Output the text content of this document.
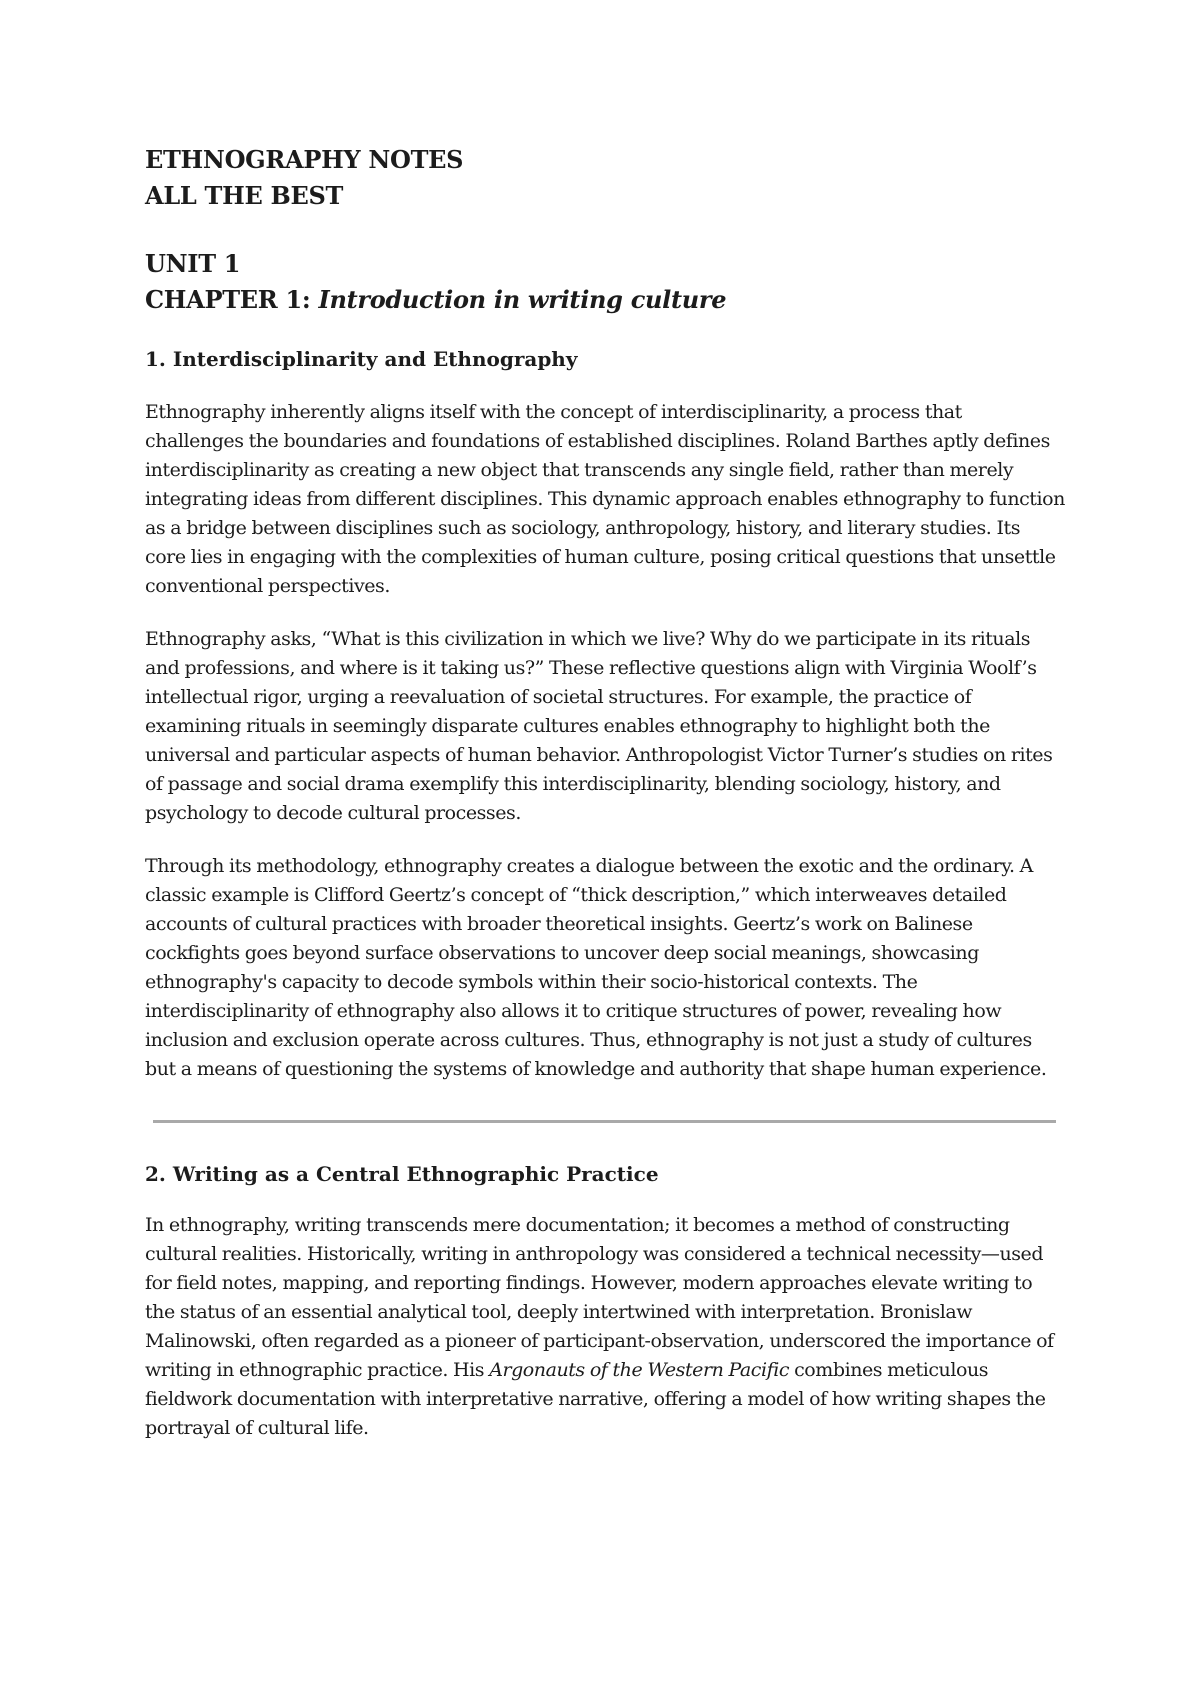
ETHNOGRAPHY NOTES

ALL THE BEST

UNIT 1

CHAPTER 1: Introduction in writing culture

1. Interdisciplinarity and Ethnography

Ethnography inherently aligns itself with the concept of interdisciplinarity, a process that challenges the boundaries and foundations of established disciplines. Roland Barthes aptly defines interdisciplinarity as creating a new object that transcends any single field, rather than merely integrating ideas from different disciplines. This dynamic approach enables ethnography to function as a bridge between disciplines such as sociology, anthropology, history, and literary studies. Its core lies in engaging with the complexities of human culture, posing critical questions that unsettle conventional perspectives.

Ethnography asks, “What is this civilization in which we live? Why do we participate in its rituals and professions, and where is it taking us?” These reflective questions align with Virginia Woolf’s intellectual rigor, urging a reevaluation of societal structures. For example, the practice of examining rituals in seemingly disparate cultures enables ethnography to highlight both the universal and particular aspects of human behavior. Anthropologist Victor Turner’s studies on rites of passage and social drama exemplify this interdisciplinarity, blending sociology, history, and psychology to decode cultural processes.

Through its methodology, ethnography creates a dialogue between the exotic and the ordinary. A classic example is Clifford Geertz’s concept of “thick description,” which interweaves detailed accounts of cultural practices with broader theoretical insights. Geertz’s work on Balinese cockfights goes beyond surface observations to uncover deep social meanings, showcasing ethnography's capacity to decode symbols within their socio-historical contexts. The interdisciplinarity of ethnography also allows it to critique structures of power, revealing how inclusion and exclusion operate across cultures. Thus, ethnography is not just a study of cultures but a means of questioning the systems of knowledge and authority that shape human experience.

2. Writing as a Central Ethnographic Practice

In ethnography, writing transcends mere documentation; it becomes a method of constructing cultural realities. Historically, writing in anthropology was considered a technical necessity—used for field notes, mapping, and reporting findings. However, modern approaches elevate writing to the status of an essential analytical tool, deeply intertwined with interpretation. Bronislaw Malinowski, often regarded as a pioneer of participant-observation, underscored the importance of writing in ethnographic practice. His Argonauts of the Western Pacific combines meticulous fieldwork documentation with interpretative narrative, offering a model of how writing shapes the portrayal of cultural life.
